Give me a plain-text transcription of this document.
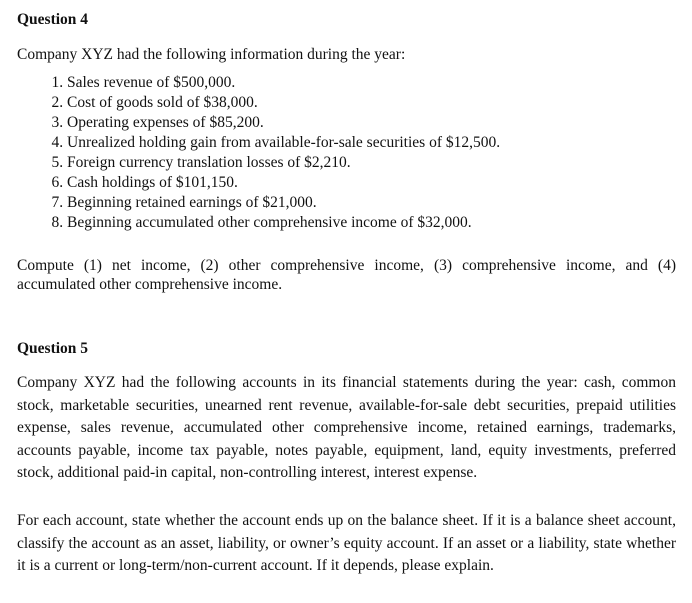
Question 4

Company XYZ had the following information during the year:

1. Sales revenue of $500,000.
2. Cost of goods sold of $38,000.
3. Operating expenses of $85,200.
4. Unrealized holding gain from available-for-sale securities of $12,500.
5. Foreign currency translation losses of $2,210.
6. Cash holdings of $101,150.
7. Beginning retained earnings of $21,000.
8. Beginning accumulated other comprehensive income of $32,000.

Compute (1) net income, (2) other comprehensive income, (3) comprehensive income, and (4) accumulated other comprehensive income.

Question 5

Company XYZ had the following accounts in its financial statements during the year: cash, common stock, marketable securities, unearned rent revenue, available-for-sale debt securities, prepaid utilities expense, sales revenue, accumulated other comprehensive income, retained earnings, trademarks, accounts payable, income tax payable, notes payable, equipment, land, equity investments, preferred stock, additional paid-in capital, non-controlling interest, interest expense.

For each account, state whether the account ends up on the balance sheet. If it is a balance sheet account, classify the account as an asset, liability, or owner’s equity account. If an asset or a liability, state whether it is a current or long-term/non-current account. If it depends, please explain.
